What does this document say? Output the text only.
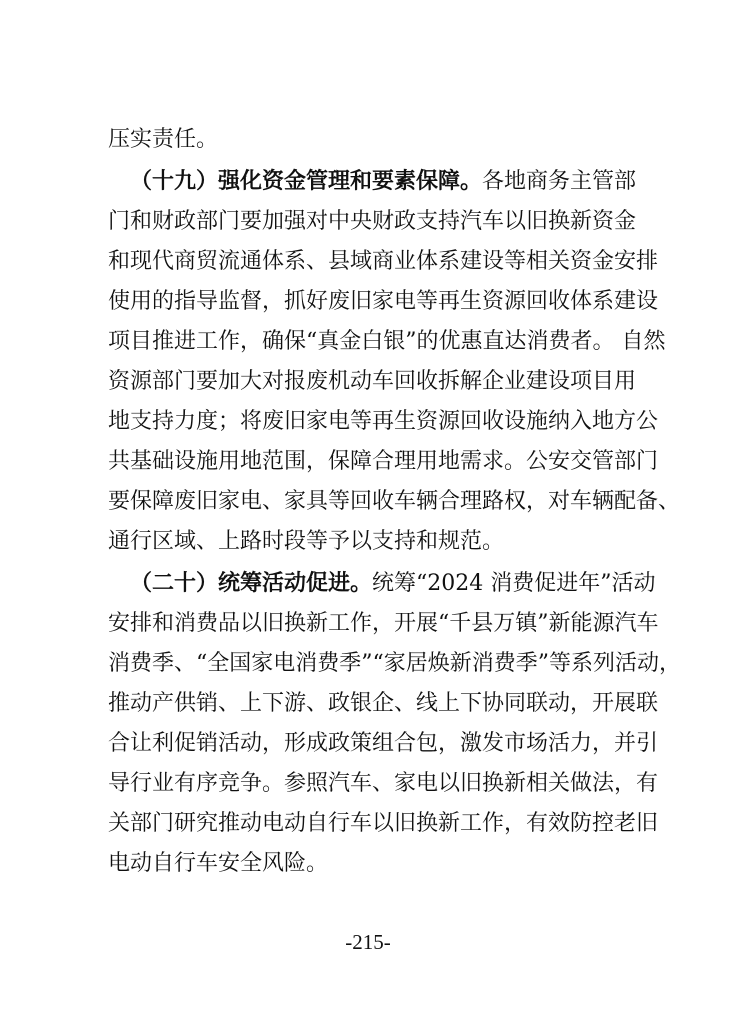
压实责任。
（十九）强化资金管理和要素保障。各地商务主管部
门和财政部门要加强对中央财政支持汽车以旧换新资金
和现代商贸流通体系、县域商业体系建设等相关资金安排
使用的指导监督，抓好废旧家电等再生资源回收体系建设
项目推进工作，确保“真金白银”的优惠直达消费者。 自然
资源部门要加大对报废机动车回收拆解企业建设项目用
地支持力度；将废旧家电等再生资源回收设施纳入地方公
共基础设施用地范围，保障合理用地需求。公安交管部门
要保障废旧家电、家具等回收车辆合理路权，对车辆配备、
通行区域、上路时段等予以支持和规范。
（二十）统筹活动促进。统筹“2024 消费促进年”活动
安排和消费品以旧换新工作，开展“千县万镇”新能源汽车
消费季、“全国家电消费季”“家居焕新消费季”等系列活动，
推动产供销、上下游、政银企、线上下协同联动，开展联
合让利促销活动，形成政策组合包，激发市场活力，并引
导行业有序竞争。参照汽车、家电以旧换新相关做法，有
关部门研究推动电动自行车以旧换新工作，有效防控老旧
电动自行车安全风险。
-215-
